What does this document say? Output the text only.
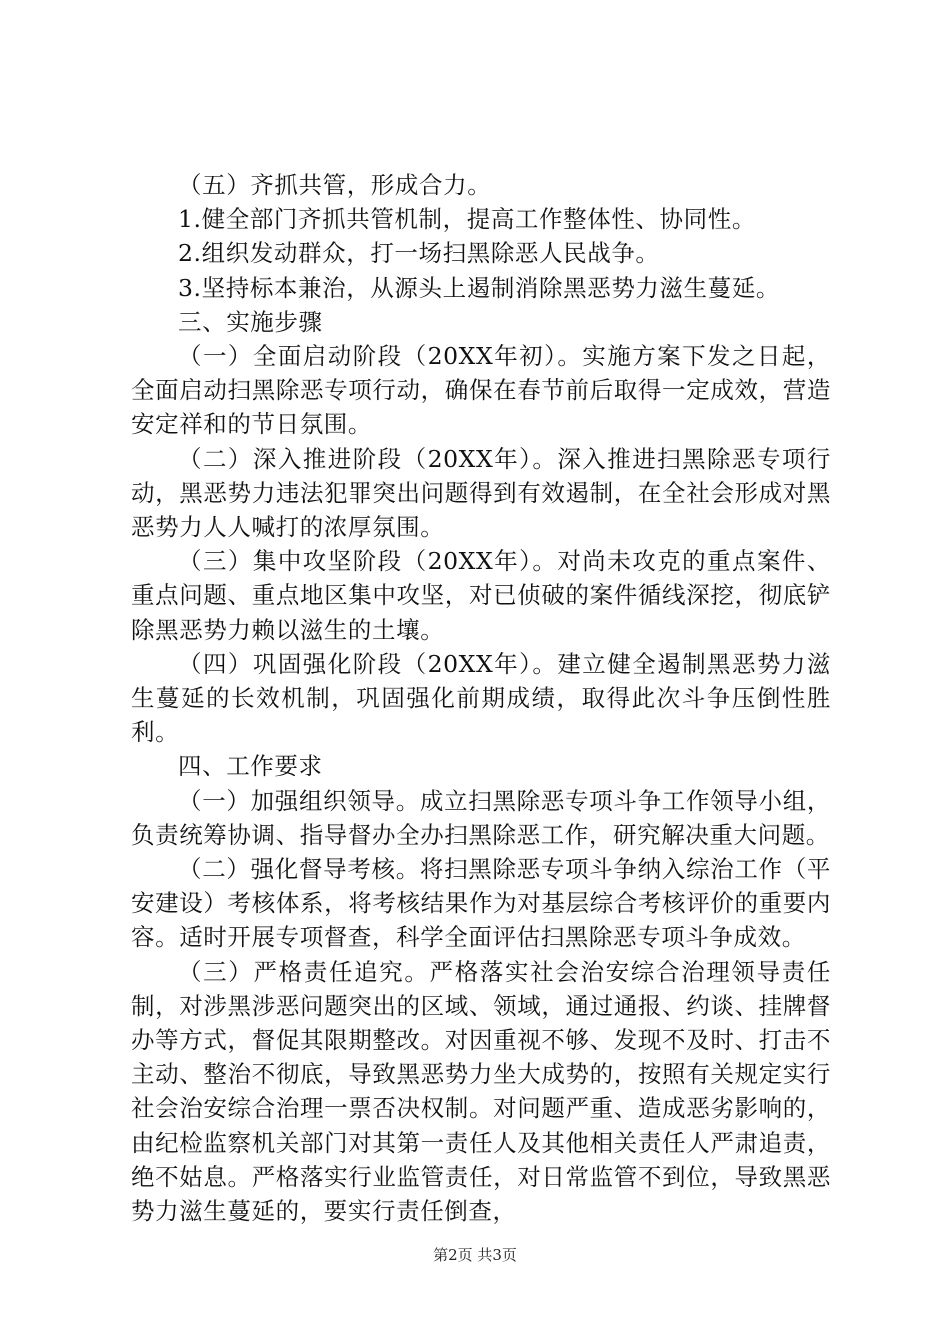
（五）齐抓共管，形成合力。

1.健全部门齐抓共管机制，提高工作整体性、协同性。

2.组织发动群众，打一场扫黑除恶人民战争。

3.坚持标本兼治，从源头上遏制消除黑恶势力滋生蔓延。

三、实施步骤

（一）全面启动阶段（20XX年初）。实施方案下发之日起，全面启动扫黑除恶专项行动，确保在春节前后取得一定成效，营造安定祥和的节日氛围。

（二）深入推进阶段（20XX年）。深入推进扫黑除恶专项行动，黑恶势力违法犯罪突出问题得到有效遏制，在全社会形成对黑恶势力人人喊打的浓厚氛围。

（三）集中攻坚阶段（20XX年）。对尚未攻克的重点案件、重点问题、重点地区集中攻坚，对已侦破的案件循线深挖，彻底铲除黑恶势力赖以滋生的土壤。

（四）巩固强化阶段（20XX年）。建立健全遏制黑恶势力滋生蔓延的长效机制，巩固强化前期成绩，取得此次斗争压倒性胜利。

四、工作要求

（一）加强组织领导。成立扫黑除恶专项斗争工作领导小组，负责统筹协调、指导督办全办扫黑除恶工作，研究解决重大问题。

（二）强化督导考核。将扫黑除恶专项斗争纳入综治工作（平安建设）考核体系，将考核结果作为对基层综合考核评价的重要内容。适时开展专项督查，科学全面评估扫黑除恶专项斗争成效。

（三）严格责任追究。严格落实社会治安综合治理领导责任制，对涉黑涉恶问题突出的区域、领域，通过通报、约谈、挂牌督办等方式，督促其限期整改。对因重视不够、发现不及时、打击不主动、整治不彻底，导致黑恶势力坐大成势的，按照有关规定实行社会治安综合治理一票否决权制。对问题严重、造成恶劣影响的，由纪检监察机关部门对其第一责任人及其他相关责任人严肃追责，绝不姑息。严格落实行业监管责任，对日常监管不到位，导致黑恶势力滋生蔓延的，要实行责任倒查，

第2页 共3页
